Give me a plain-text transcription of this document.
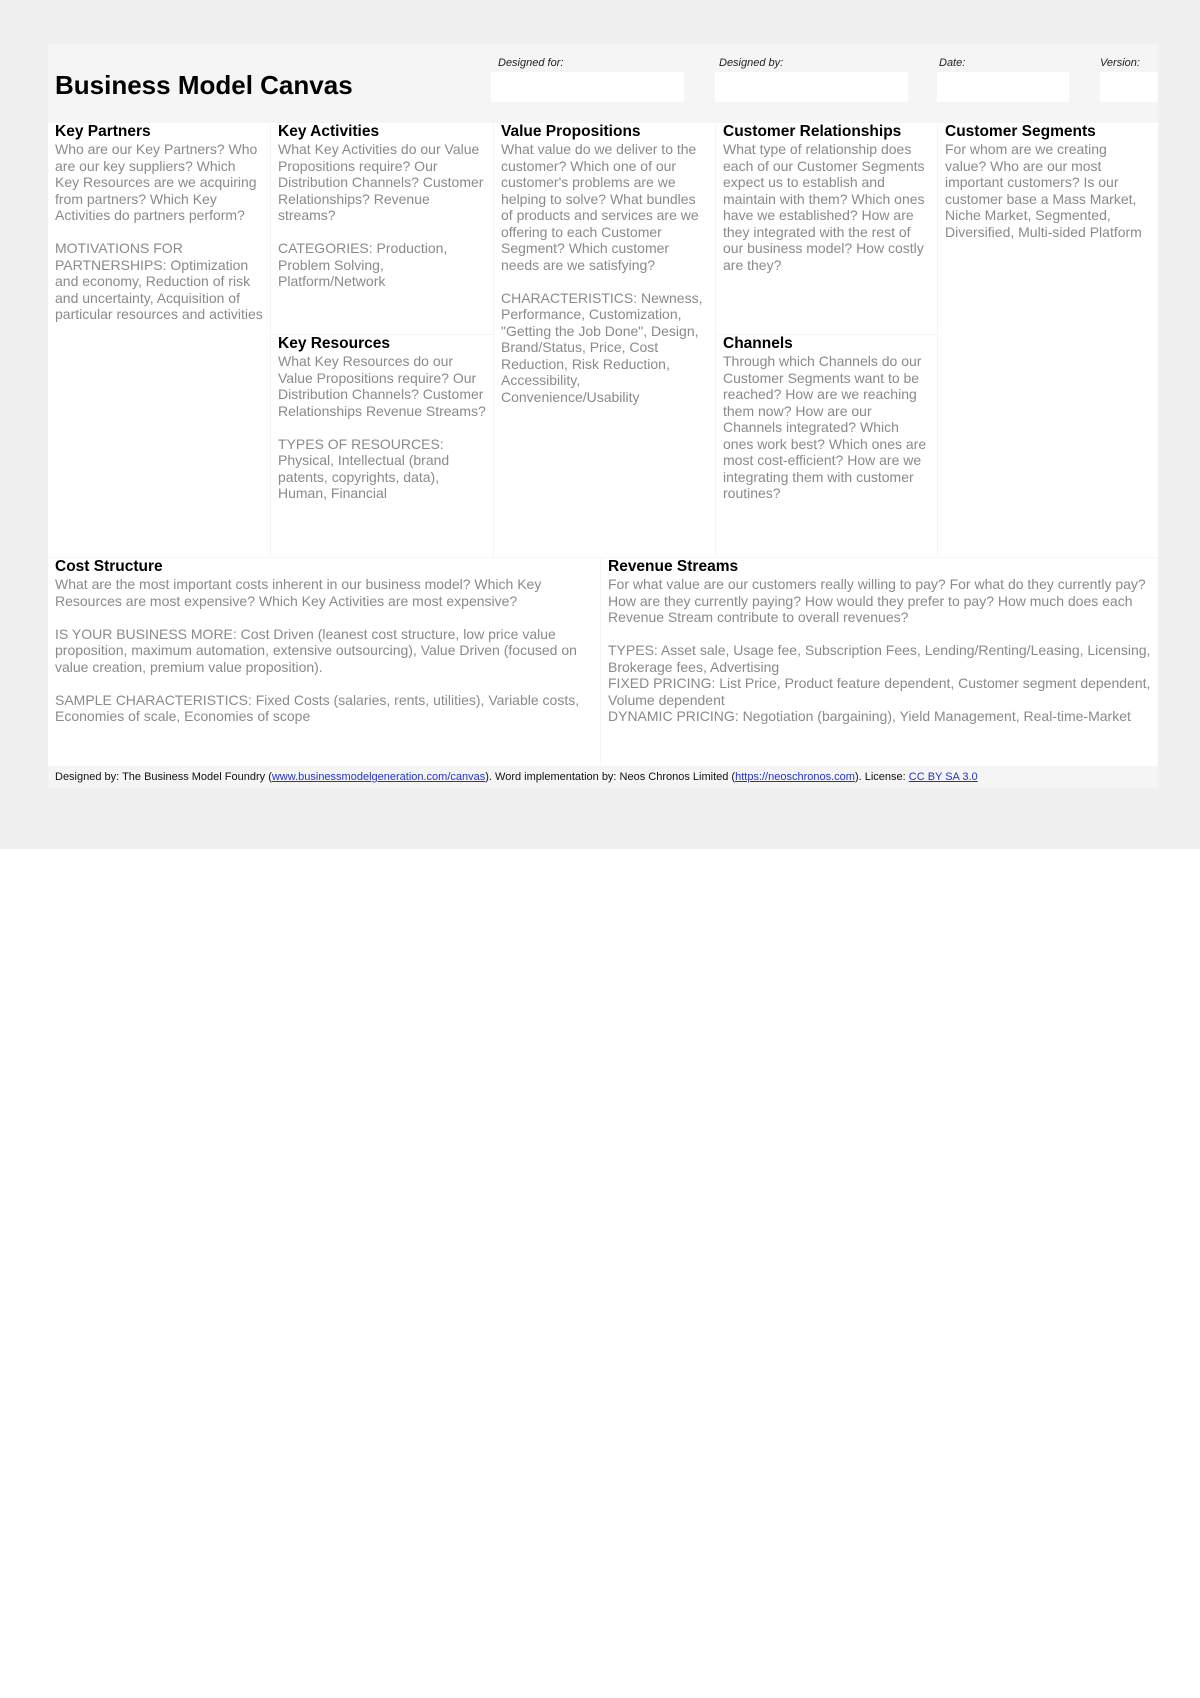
Business Model Canvas
Designed for:	Designed by:	Date:	Version:
Key Partners

Who are our Key Partners? Who are our key suppliers? Which Key Resources are we acquiring from partners? Which Key Activities do partners perform?

MOTIVATIONS FOR PARTNERSHIPS: Optimization and economy, Reduction of risk and uncertainty, Acquisition of particular resources and activities

Key Activities

What Key Activities do our Value Propositions require? Our Distribution Channels? Customer Relationships? Revenue streams?

CATEGORIES: Production, Problem Solving, Platform/Network

Key Resources

What Key Resources do our Value Propositions require? Our Distribution Channels? Customer Relationships Revenue Streams?

TYPES OF RESOURCES: Physical, Intellectual (brand patents, copyrights, data), Human, Financial

Value Propositions

What value do we deliver to the customer? Which one of our customer's problems are we helping to solve? What bundles of products and services are we offering to each Customer Segment? Which customer needs are we satisfying?

CHARACTERISTICS: Newness, Performance, Customization, "Getting the Job Done", Design, Brand/Status, Price, Cost Reduction, Risk Reduction, Accessibility, Convenience/Usability

Customer Relationships

What type of relationship does each of our Customer Segments expect us to establish and maintain with them? Which ones have we established? How are they integrated with the rest of our business model? How costly are they?

Channels

Through which Channels do our Customer Segments want to be reached? How are we reaching them now? How are our Channels integrated? Which ones work best? Which ones are most cost-efficient? How are we integrating them with customer routines?

Customer Segments

For whom are we creating value? Who are our most important customers? Is our customer base a Mass Market, Niche Market, Segmented, Diversified, Multi-sided Platform

Cost Structure

What are the most important costs inherent in our business model? Which Key Resources are most expensive? Which Key Activities are most expensive?

IS YOUR BUSINESS MORE: Cost Driven (leanest cost structure, low price value proposition, maximum automation, extensive outsourcing), Value Driven (focused on value creation, premium value proposition).

SAMPLE CHARACTERISTICS: Fixed Costs (salaries, rents, utilities), Variable costs, Economies of scale, Economies of scope

Revenue Streams

For what value are our customers really willing to pay? For what do they currently pay? How are they currently paying? How would they prefer to pay? How much does each Revenue Stream contribute to overall revenues?

TYPES: Asset sale, Usage fee, Subscription Fees, Lending/Renting/Leasing, Licensing, Brokerage fees, Advertising
FIXED PRICING: List Price, Product feature dependent, Customer segment dependent, Volume dependent
DYNAMIC PRICING: Negotiation (bargaining), Yield Management, Real-time-Market

Designed by: The Business Model Foundry (www.businessmodelgeneration.com/canvas). Word implementation by: Neos Chronos Limited (https://neoschronos.com). License: CC BY SA 3.0
